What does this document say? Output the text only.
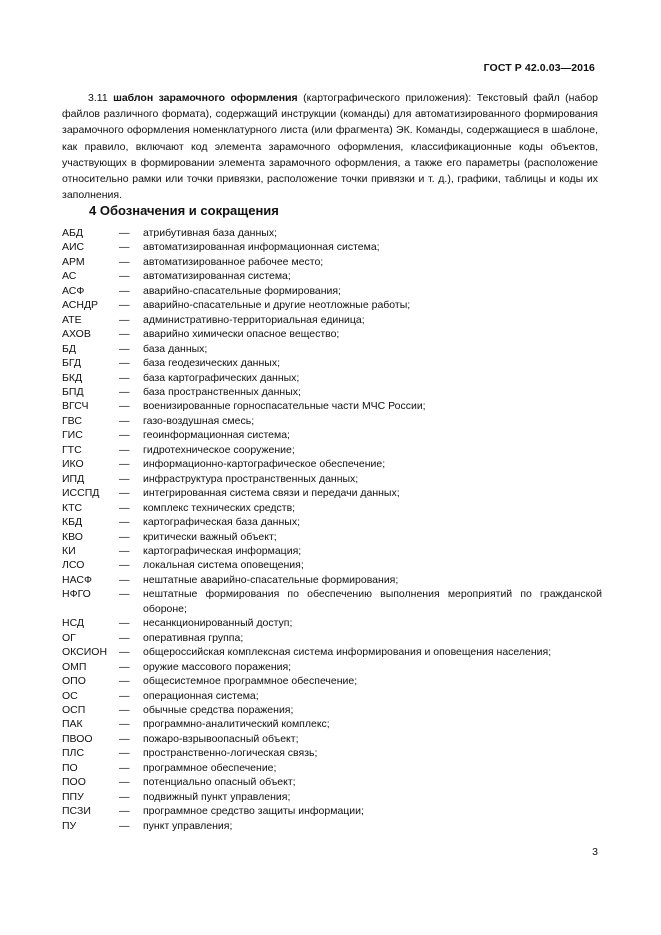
ГОСТ Р 42.0.03—2016

3.11 шаблон зарамочного оформления (картографического приложения): Текстовый файл (набор файлов различного формата), содержащий инструкции (команды) для автоматизированного формирования зарамочного оформления номенклатурного листа (или фрагмента) ЭК. Команды, содержащиеся в шаблоне, как правило, включают код элемента зарамочного оформления, классификационные коды объектов, участвующих в формировании элемента зарамочного оформления, а также его параметры (расположение относительно рамки или точки привязки, расположение точки привязки и т. д.), графики, таблицы и коды их заполнения.

4 Обозначения и сокращения
АБД	—	атрибутивная база данных;
АИС	—	автоматизированная информационная система;
АРМ	—	автоматизированное рабочее место;
АС	—	автоматизированная система;
АСФ	—	аварийно-спасательные формирования;
АСНДР	—	аварийно-спасательные и другие неотложные работы;
АТЕ	—	административно-территориальная единица;
АХОВ	—	аварийно химически опасное вещество;
БД	—	база данных;
БГД	—	база геодезических данных;
БКД	—	база картографических данных;
БПД	—	база пространственных данных;
ВГСЧ	—	военизированные горноспасательные части МЧС России;
ГВС	—	газо-воздушная смесь;
ГИС	—	геоинформационная система;
ГТС	—	гидротехническое сооружение;
ИКО	—	информационно-картографическое обеспечение;
ИПД	—	инфраструктура пространственных данных;
ИССПД	—	интегрированная система связи и передачи данных;
КТС	—	комплекс технических средств;
КБД	—	картографическая база данных;
КВО	—	критически важный объект;
КИ	—	картографическая информация;
ЛСО	—	локальная система оповещения;
НАСФ	—	нештатные аварийно-спасательные формирования;
НФГО	—	нештатные формирования по обеспечению выполнения мероприятий по гражданской обороне;
НСД	—	несанкционированный доступ;
ОГ	—	оперативная группа;
ОКСИОН	—	общероссийская комплексная система информирования и оповещения населения;
ОМП	—	оружие массового поражения;
ОПО	—	общесистемное программное обеспечение;
ОС	—	операционная система;
ОСП	—	обычные средства поражения;
ПАК	—	программно-аналитический комплекс;
ПВОО	—	пожаро-взрывоопасный объект;
ПЛС	—	пространственно-логическая связь;
ПО	—	программное обеспечение;
ПОО	—	потенциально опасный объект;
ППУ	—	подвижный пункт управления;
ПСЗИ	—	программное средство защиты информации;
ПУ	—	пункт управления;
3
